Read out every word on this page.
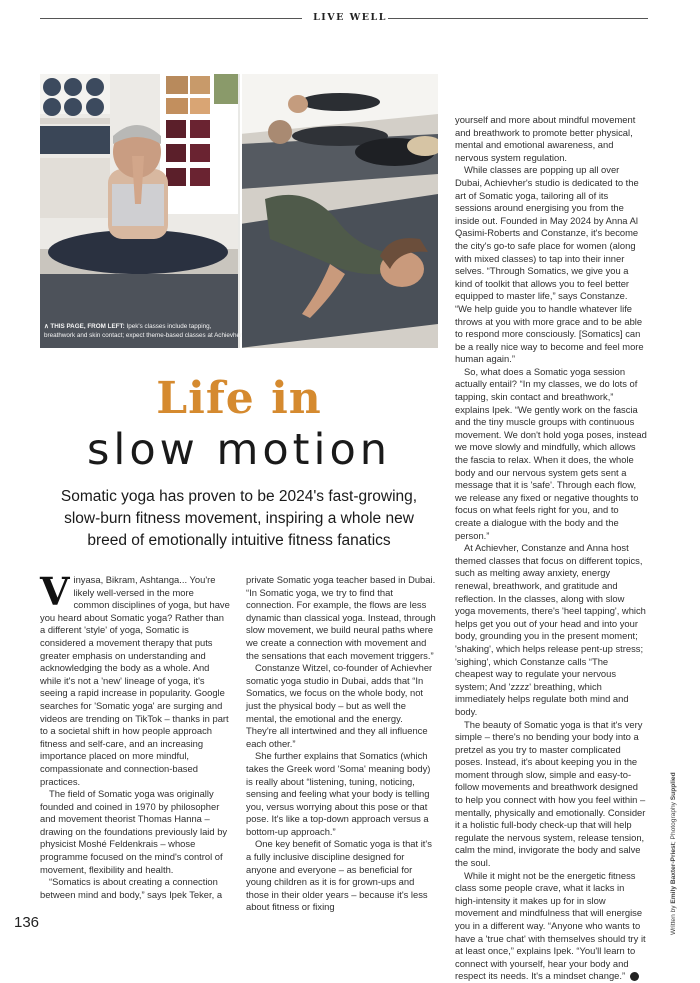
LIVE WELL
∧ THIS PAGE, FROM LEFT: Ipek's classes include tapping, breathwork and skin contact; expect theme-based classes at Achievher
Life in
slow motion
Somatic yoga has proven to be 2024's fast-growing, slow-burn fitness movement, inspiring a whole new breed of emotionally intuitive fitness fanatics
V inyasa, Bikram, Ashtanga... You're likely well-versed in the more common disciplines of yoga, but have you heard about Somatic yoga? Rather than a different 'style' of yoga, Somatic is considered a movement therapy that puts greater emphasis on understanding and acknowledging the body as a whole. And while it's not a 'new' lineage of yoga, it's seeing a rapid increase in popularity. Google searches for 'Somatic yoga' are surging and videos are trending on TikTok – thanks in part to a societal shift in how people approach fitness and self-care, and an increasing importance placed on more mindful, compassionate and connection-based practices.

The field of Somatic yoga was originally founded and coined in 1970 by philosopher and movement theorist Thomas Hanna – drawing on the foundations previously laid by physicist Moshé Feldenkrais – whose programme focused on the mind's control of movement, flexibility and health.

“Somatics is about creating a connection between mind and body,” says Ipek Teker, a

private Somatic yoga teacher based in Dubai. “In Somatic yoga, we try to find that connection. For example, the flows are less dynamic than classical yoga. Instead, through slow movement, we build neural paths where we create a connection with movement and the sensations that each movement triggers.”

Constanze Witzel, co-founder of Achievher somatic yoga studio in Dubai, adds that “In Somatics, we focus on the whole body, not just the physical body – but as well the mental, the emotional and the energy. They're all intertwined and they all influence each other.”

She further explains that Somatics (which takes the Greek word 'Soma' meaning body) is really about “listening, tuning, noticing, sensing and feeling what your body is telling you, versus worrying about this pose or that pose. It's like a top-down approach versus a bottom-up approach.”

One key benefit of Somatic yoga is that it's a fully inclusive discipline designed for anyone and everyone – as beneficial for young children as it is for grown-ups and those in their older years – because it's less about fitness or fixing

yourself and more about mindful movement and breathwork to promote better physical, mental and emotional awareness, and nervous system regulation.

While classes are popping up all over Dubai, Achievher's studio is dedicated to the art of Somatic yoga, tailoring all of its sessions around energising you from the inside out. Founded in May 2024 by Anna Al Qasimi-Roberts and Constanze, it's become the city's go-to safe place for women (along with mixed classes) to tap into their inner selves. “Through Somatics, we give you a kind of toolkit that allows you to feel better equipped to master life,” says Constanze. “We help guide you to handle whatever life throws at you with more grace and to be able to respond more consciously. [Somatics] can be a really nice way to become and feel more human again.”

So, what does a Somatic yoga session actually entail? “In my classes, we do lots of tapping, skin contact and breathwork,” explains Ipek. “We gently work on the fascia and the tiny muscle groups with continuous movement. We don't hold yoga poses, instead we move slowly and mindfully, which allows the fascia to relax. When it does, the whole body and our nervous system gets sent a message that it is 'safe'. Through each flow, we release any fixed or negative thoughts to focus on what feels right for you, and to create a dialogue with the body and the person.”

At Achievher, Constanze and Anna host themed classes that focus on different topics, such as melting away anxiety, energy renewal, breathwork, and gratitude and reflection. In the classes, along with slow yoga movements, there's 'heel tapping', which helps get you out of your head and into your body, grounding you in the present moment; 'shaking', which helps release pent-up stress; 'sighing', which Constanze calls “The cheapest way to regulate your nervous system; And 'zzzz' breathing, which immediately helps regulate both mind and body.

The beauty of Somatic yoga is that it's very simple – there's no bending your body into a pretzel as you try to master complicated poses. Instead, it's about keeping you in the moment through slow, simple and easy-to-follow movements and breathwork designed to help you connect with how you feel within – mentally, physically and emotionally. Consider it a holistic full-body check-up that will help regulate the nervous system, release tension, calm the mind, invigorate the body and salve the soul.

While it might not be the energetic fitness class some people crave, what it lacks in high-intensity it makes up for in slow movement and mindfulness that will energise you in a different way. “Anyone who wants to have a 'true chat' with themselves should try it at least once,” explains Ipek. “You'll learn to connect with yourself, hear your body and respect its needs. It's a mindset change.” f

136	Written by Emily Baxter-Priest; Photography Supplied
